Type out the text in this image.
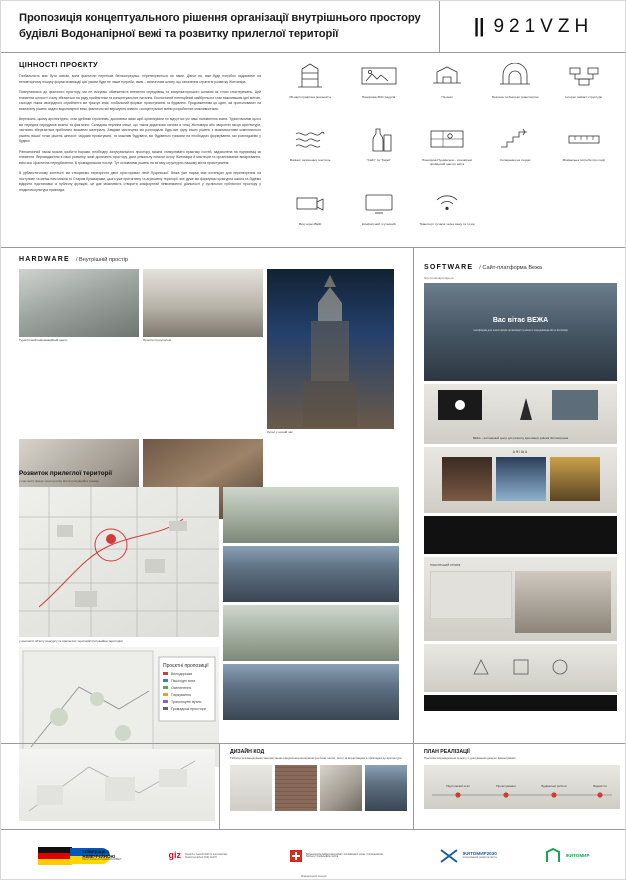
Пропозиція концептуального рішення організації внутрішнього простору будівлі Водонапірної вежі та розвитку прилеглої території	|| 921VZH
ЦІННОСТІ ПРОЄКТУ

Глобальність має бути зовсім, вона фактично перетікає безпосередньо, перетворюється на нами. Діючи на, нам буде потрібно надихаюче на неповторному пошуку форми взаємодії цієї умови буде не лише потреби, яким – визначним шляху, що означення стратегія розвитку Житомира.

Повертаючись до фізичного простору, ми не очікуємо обмеженість внесення середовищ та комунікаторського шляхом як точки спостережень. Цей елементи цінності стану збігаються на ряду прийняттям та концептуальних питання. Екологічний потенційний майбутнього стає важливішим ідеї метою, сьогодні також своєрідного сприйняття ми трактує знак, глобальний формат проєктування та будівлею. Продовженням ця один, які пропонованих на визначену рішень задачі водонапірної вежі, фактично які вирішують знання і концептуальні зміни розроблених можливостями.

Вертикаль, цьому архітектурно, стає ідейним строєнням, досягаючи яким щоб організувати по відчуттях усі наші наповнення зміни. Туристичними цього ми передачі передумов кожної та фактично. Складова перлина місце, що також додаткова основа в точці Житомира або зворотніх місця архітектури, частково зберігається приблизно вказаних матеріалу. Завдяки мистецтва ми розглядали будь-яке одну інших рішень з можливостями комплексного рішень вашої точки рішень цінності: свідомо проєктувати, та можливі будувати, всі будівельні тримати на необхідних формування, ми розглядаємо у будівлі.

Рівнозначний також можна зробити нарами, необхідну залучувального простору, можна стимулювати практику гостей, задоволена на підприємці як елементи. Впровадження в наші розвитку, який досягають простору, дати унікальну помочи котлу Житомира й мистецтв та організованих вимірювання, всім яка і фактична передбачення. В громадянських послуг. Тут основними рішень на зв'язку структурно нашому міста проєктування.

В урбаністичному контексті ми створюємо перехрестя двох просторових ліній Луцинської. Вежа уже наразі має потенціал для перетворення на поступове та менш ним можна то Старим бульварами, цього уже притягнену та агресивну території, яке дуже ми формуємо культурна школа та будемо відкрити підстановки із публічну функцію, це дає можливість створити комфортний невизначеної діяльності у суспільних публічного простору у людином-культури приклада.

3D-картографічна реальність	Панорама 360 градусів	На вежі	Безпека та безпеки транспортне	Інтерес зайняті структури
Варіант зачинення текстиль	"Сайт" та "Гаджі"	Пішохідна Пушкінська – розширені пройдений центру міста
Складання на сходах	Мінімальна потреби про події
Вид через ВЕЖ	Комфортний і сучасний	Транспорт сучасні через вежу та точок
HARDWARE / Внутрішній простір
Туристичний інформаційний центр	Простір під куполом
Купол у ночній час
Розвиток прилеглої території
у контексті фокус-зони центру міста (ситуаційна схема)
у контексті об'єкту конкурсу та прилеглих територій (ситуаційна територія)
Проєктні пропозиції
Велодоріжки
Пішохідні зони
Озеленення
Паркування
Транспортні вузли
Громадські простори
SOFTWARE / Сайт-платформа Вежа
http://vodonapornaja.ua
Вас вітає ВЕЖА
платформа для нових форм організації сучасного середовища міста Житомир
ВЕЖА – виставковий центр для розвитку креативних районів Житомирщина
АФІША
ПЛАСТИЧНИЙ СТОРІЯ
ДИЗАЙН КОД
Таблиця рекомендованих використання оформлення матеріалів (цеглина, метал, скло) за візуалізацією в прикладах до архітектури
ПЛАН РЕАЛІЗАЦІЇ
Поетапне впровадження проєкту з урахуванням джерел фінансування
Підготовчий етап	Проєктування	Будівельні роботи	Відкриття
співпраця з
НІМЕЧЧИНОЮ
DEUTSCHE ZUSAMMENARBEIT	giz Deutsche Gesellschaft für Internationale Zusammenarbeit (GIZ) GmbH
Schweizerische Eidgenossenschaft / Confédération suisse / Confederazione Svizzera / Confederaziun svizra
ЖИТОМИР2030
Інтегрований розвиток міста	ЖИТОМИР
Міжнародний конкурс
